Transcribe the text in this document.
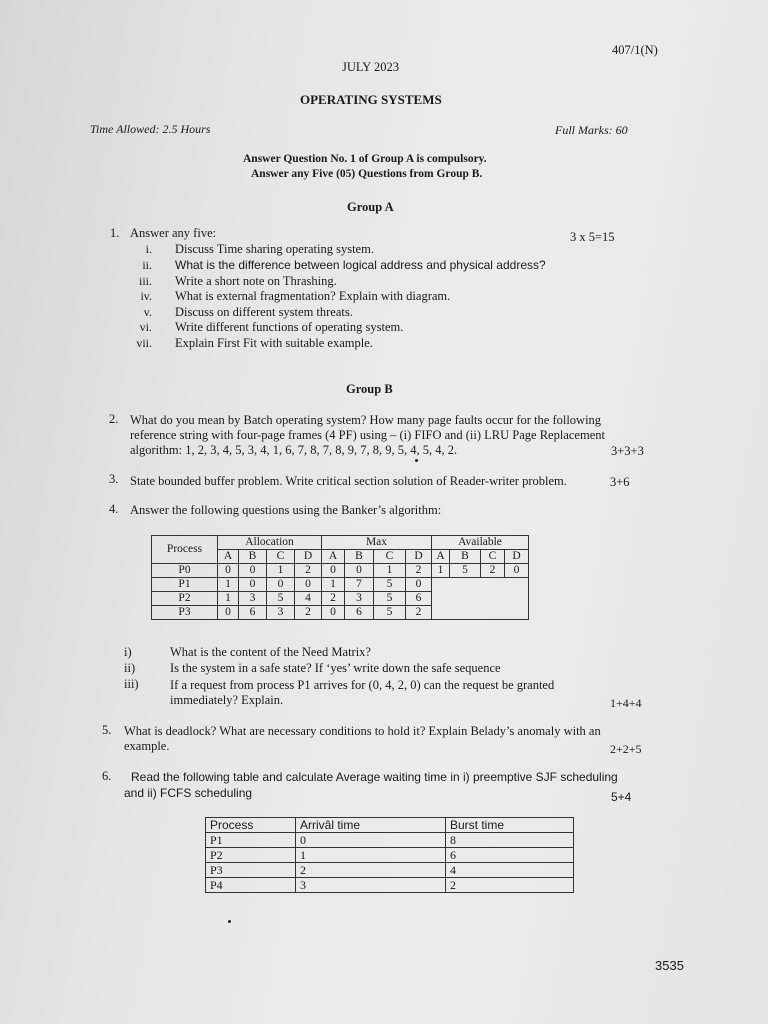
407/1(N)
JULY 2023
OPERATING SYSTEMS
Time Allowed: 2.5 Hours	Full Marks: 60
Answer Question No. 1 of Group A is compulsory.
Answer any Five (05) Questions from Group B.
Group A
1. Answer any five:	3 x 5=15
i. Discuss Time sharing operating system.
ii. What is the difference between logical address and physical address?
iii. Write a short note on Thrashing.
iv. What is external fragmentation? Explain with diagram.
v. Discuss on different system threats.
vi. Write different functions of operating system.
vii. Explain First Fit with suitable example.
Group B
2. What do you mean by Batch operating system? How many page faults occur for the following
reference string with four-page frames (4 PF) using – (i) FIFO and (ii) LRU Page Replacement
algorithm: 1, 2, 3, 4, 5, 3, 4, 1, 6, 7, 8, 7, 8, 9, 7, 8, 9, 5, 4, 5, 4, 2.	3+3+3
3. State bounded buffer problem. Write critical section solution of Reader-writer problem.	3+6
4. Answer the following questions using the Banker’s algorithm:
Process	Allocation				Max				Available			
	A	B	C	D	A	B	C	D	A	B	C	D
P0	0	0	1	2	0	0	1	2	1	5	2	0
P1	1	0	0	0	1	7	5	0				
P2	1	3	5	4	2	3	5	6				
P3	0	6	3	2	0	6	5	2				
i)	What is the content of the Need Matrix?
ii)	Is the system in a safe state? If ‘yes’ write down the safe sequence
iii)	If a request from process P1 arrives for (0, 4, 2, 0) can the request be granted
immediately? Explain.	1+4+4
5. What is deadlock? What are necessary conditions to hold it? Explain Belady’s anomaly with an
example.	2+2+5
6. Read the following table and calculate Average waiting time in i) preemptive SJF scheduling
and ii) FCFS scheduling	5+4
Process	Arrivâl time	Burst time
P1	0	8
P2	1	6
P3	2	4
P4	3	2
3535
